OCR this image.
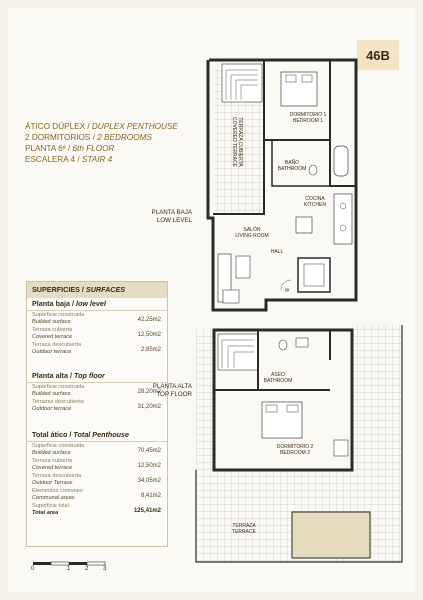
46B
ÁTICO DÚPLEX / DUPLEX PENTHOUSE
2 DORMITORIOS / 2 BEDROOMS
PLANTA 6ª / 6th FLOOR
ESCALERA 4 / STAIR 4
SUPERFICIES / SURFACES
Planta baja / low level
Superficie construida
Builded surface	42,25m2
Terraza cubierta
Covered terrace	12,50m2
Terraza descubierta
Outdoor terrace	2,85m2
Planta alta / Top floor
Superficie construida
Builded surface	28,20m2
Terrazas descubierta
Outdoor terrace	31,20m2
Total ático / Total Penthouse
Superficie construida
Builded surface	70,45m2
Terraza cubierta
Covered terrace	12,50m2
Terraza descubierta
Outdoor Terrace	34,05m2
Elementos comunes
Communal areas	8,41m2
Superficie total
Total area	125,41m2
0	1 2 3
PLANTA BAJA
LOW LEVEL
PLANTA ALTA
TOP FLOOR
TERRAZA CUBIERTA
COVERED TERRACE
DORMITORIO 1
BEDROOM 1
BAÑO
BATHROOM
COCINA
KITCHEN
SALÓN
LIVING ROOM
HALL
B
ASEO
BATHROOM
DORMITORIO 2
BEDROOM 2
TERRAZA
TERRACE
